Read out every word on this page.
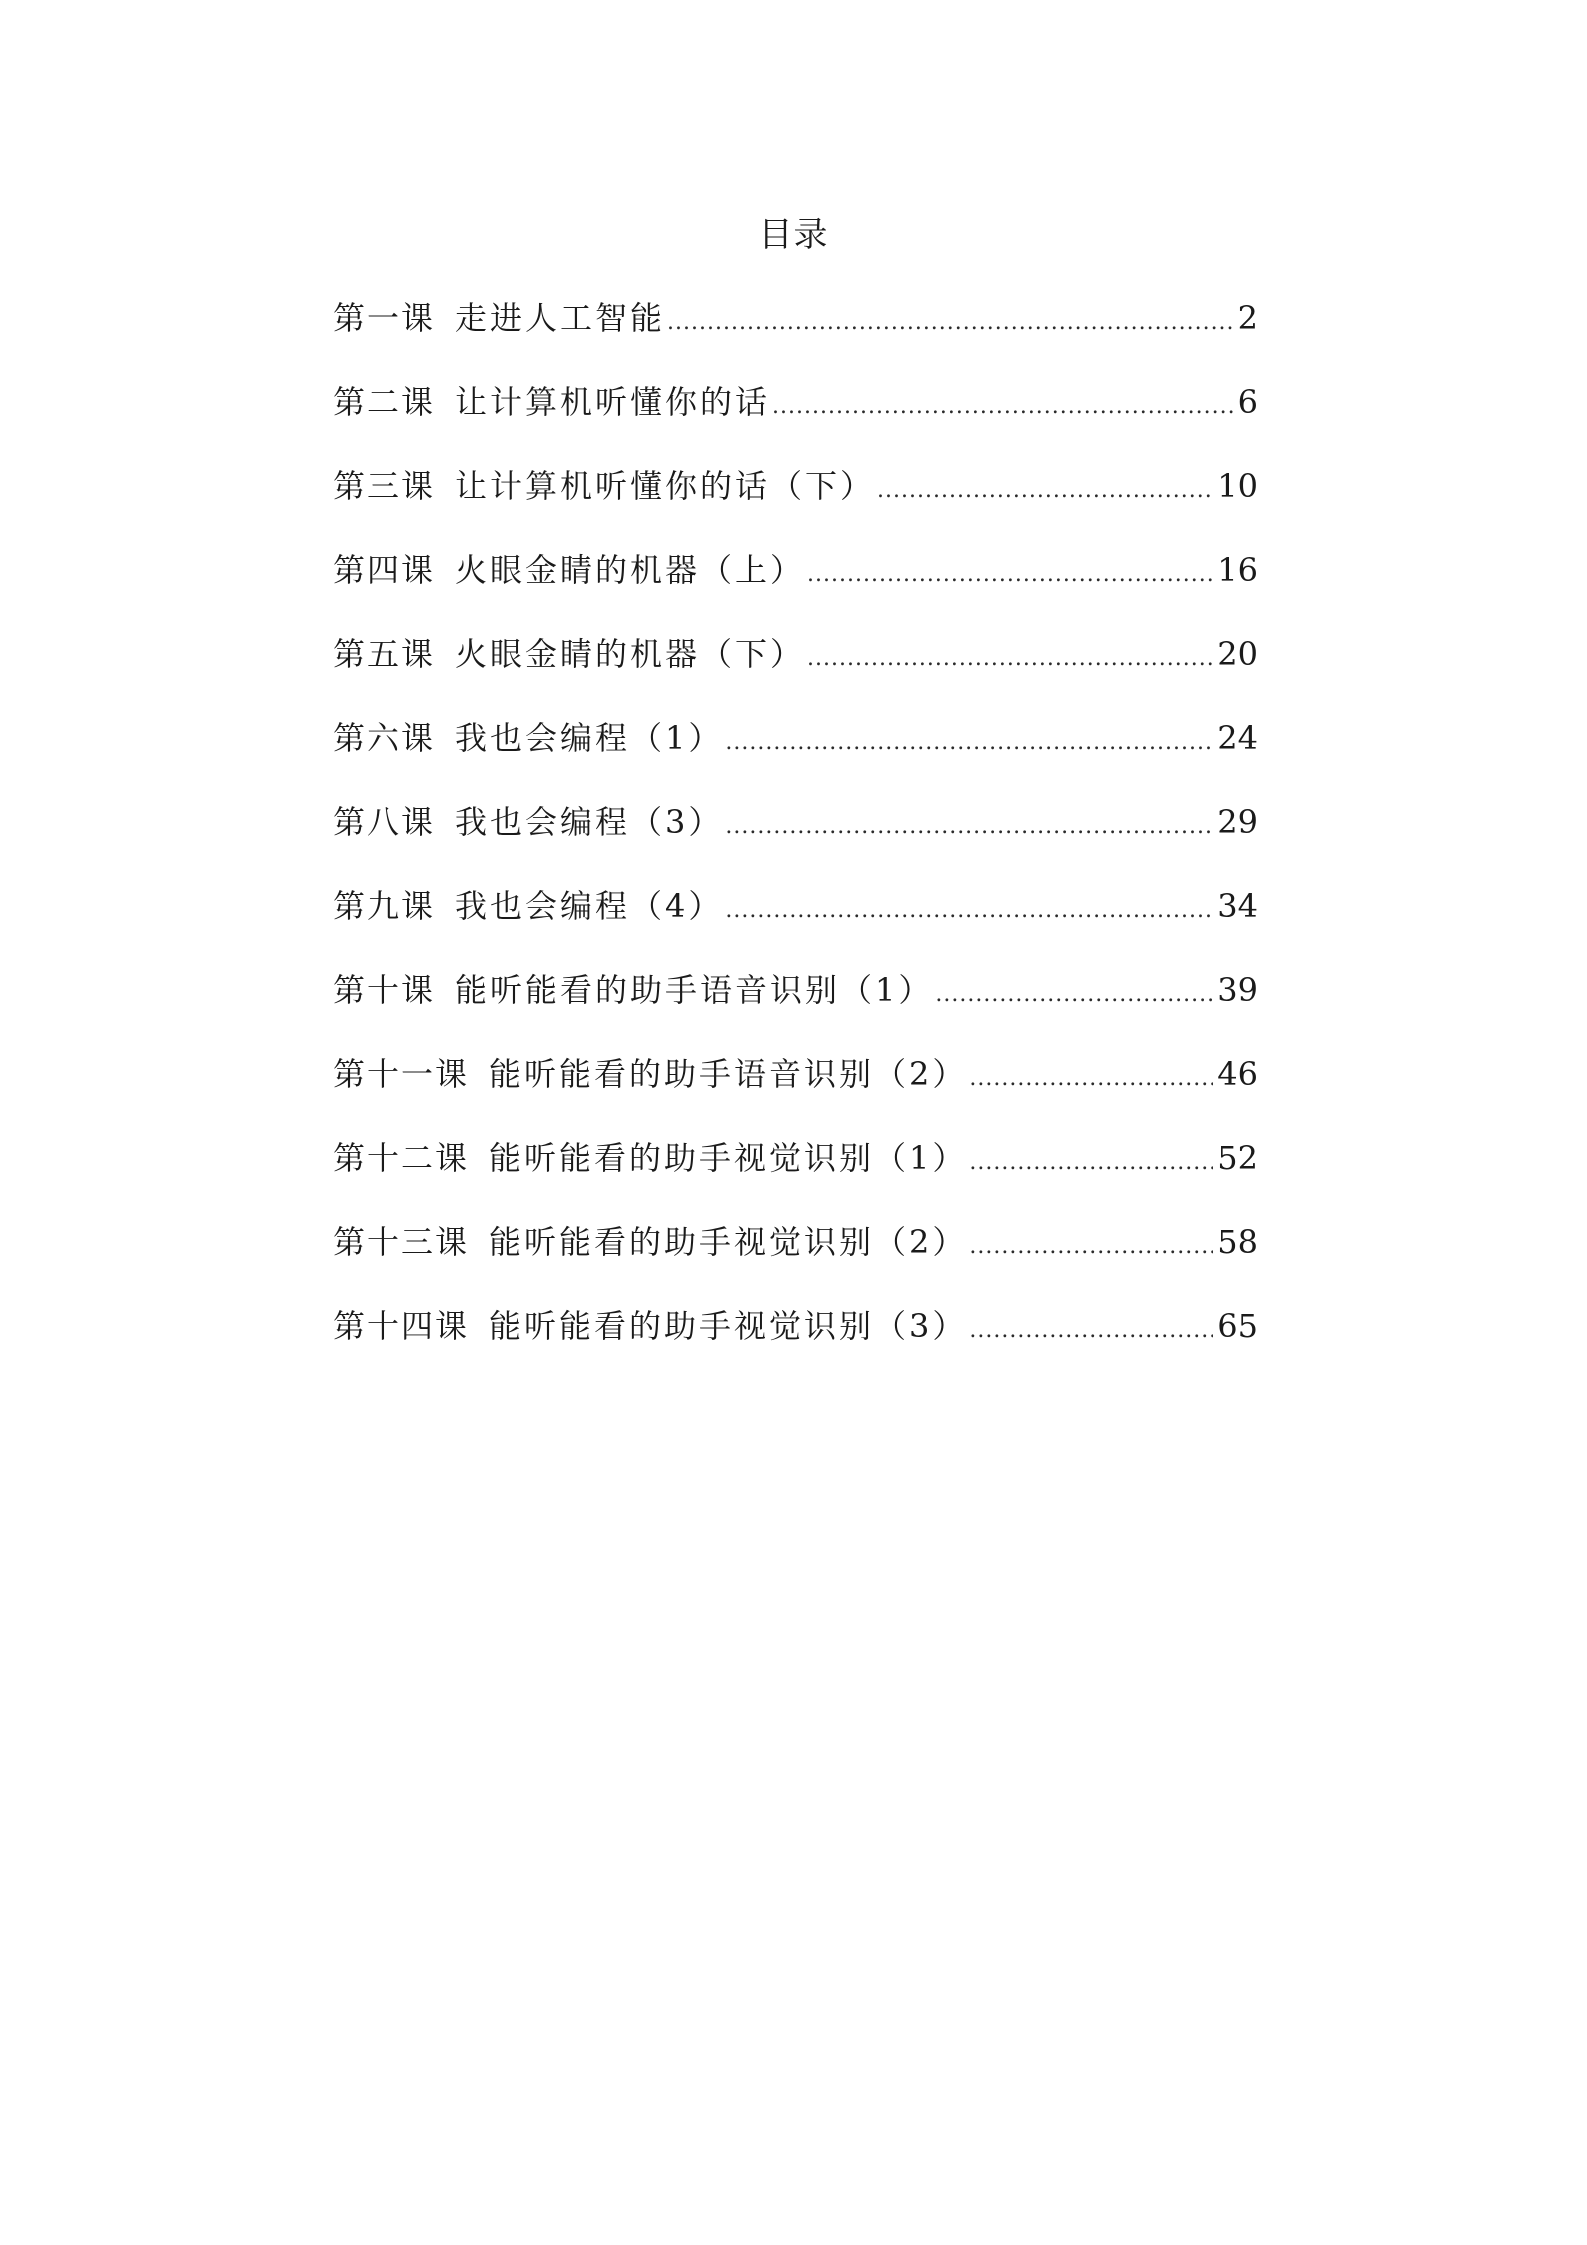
目录
第一课 走进人工智能 .....	2
第二课 让计算机听懂你的话 .....	6
第三课 让计算机听懂你的话（下） .....	10
第四课 火眼金睛的机器（上） .....	16
第五课 火眼金睛的机器（下） .....	20
第六课 我也会编程（1） .....	24
第八课 我也会编程（3） .....	29
第九课 我也会编程（4） .....	34
第十课 能听能看的助手语音识别（1） .....	39
第十一课 能听能看的助手语音识别（2） .....	46
第十二课 能听能看的助手视觉识别（1） .....	52
第十三课 能听能看的助手视觉识别（2） .....	58
第十四课 能听能看的助手视觉识别（3） .....	65
